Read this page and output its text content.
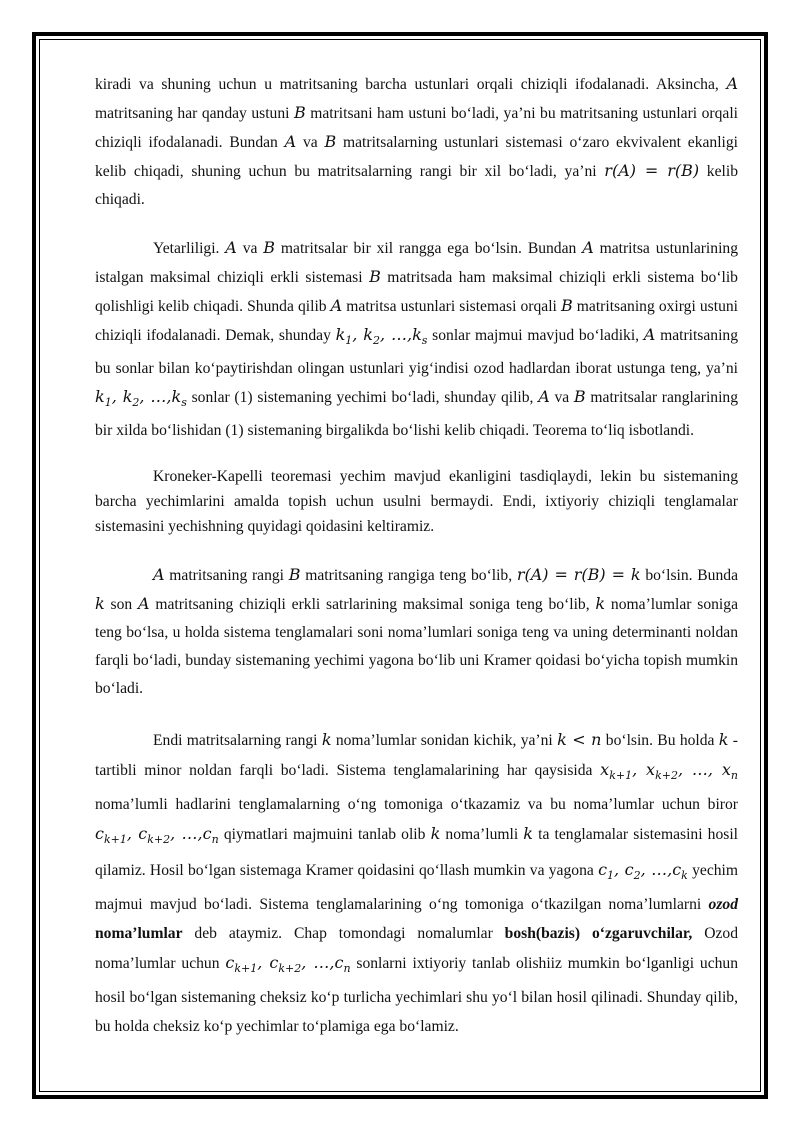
kiradi va shuning uchun u matritsaning barcha ustunlari orqali chiziqli ifodalanadi. Aksincha, A matritsaning har qanday ustuni B matritsani ham ustuni bo‘ladi, ya’ni bu matritsaning ustunlari orqali chiziqli ifodalanadi. Bundan A va B matritsalarning ustunlari sistemasi o‘zaro ekvivalent ekanligi kelib chiqadi, shuning uchun bu matritsalarning rangi bir xil bo‘ladi, ya’ni r(A) = r(B) kelib chiqadi.

Yetarliligi. A va B matritsalar bir xil rangga ega bo‘lsin. Bundan A matritsa ustunlarining istalgan maksimal chiziqli erkli sistemasi B matritsada ham maksimal chiziqli erkli sistema bo‘lib qolishligi kelib chiqadi. Shunda qilib A matritsa ustunlari sistemasi orqali B matritsaning oxirgi ustuni chiziqli ifodalanadi. Demak, shunday $k_1$, $k_2$, $\dots,k_s$ sonlar majmui mavjud bo‘ladiki, A matritsaning bu sonlar bilan ko‘paytirishdan olingan ustunlari yig‘indisi ozod hadlardan iborat ustunga teng, ya’ni $k_1$, $k_2$, $\dots,k_s$ sonlar (1) sistemaning yechimi bo‘ladi, shunday qilib, A va B matritsalar ranglarining bir xilda bo‘lishidan (1) sistemaning birgalikda bo‘lishi kelib chiqadi. Teorema to‘liq isbotlandi.

Kroneker-Kapelli teoremasi yechim mavjud ekanligini tasdiqlaydi, lekin bu sistemaning barcha yechimlarini amalda topish uchun usulni bermaydi. Endi, ixtiyoriy chiziqli tenglamalar sistemasini yechishning quyidagi qoidasini keltiramiz.

A matritsaning rangi B matritsaning rangiga teng bo‘lib, r(A) = r(B) = k bo‘lsin. Bunda k son A matritsaning chiziqli erkli satrlarining maksimal soniga teng bo‘lib, k noma’lumlar soniga teng bo‘lsa, u holda sistema tenglamalari soni noma’lumlari soniga teng va uning determinanti noldan farqli bo‘ladi, bunday sistemaning yechimi yagona bo‘lib uni Kramer qoidasi bo‘yicha topish mumkin bo‘ladi.

Endi matritsalarning rangi k noma’lumlar sonidan kichik, ya’ni k < n bo‘lsin. Bu holda k - tartibli minor noldan farqli bo‘ladi. Sistema tenglamalarining har qaysisida $x_{k+1}$, $x_{k+2}$, …, $x_n$ noma’lumli hadlarini tenglamalarning o‘ng tomoniga o‘tkazamiz va bu noma’lumlar uchun biror $c_{k+1}$, $c_{k+2}$, $\dots,c_n$ qiymatlari majmuini tanlab olib k noma’lumli k ta tenglamalar sistemasini hosil qilamiz. Hosil bo‘lgan sistemaga Kramer qoidasini qo‘llash mumkin va yagona $c_1$, $c_2$, $\dots,c_k$ yechim majmui mavjud bo‘ladi. Sistema tenglamalarining o‘ng tomoniga o‘tkazilgan noma’lumlarni ozod noma’lumlar deb ataymiz. Chap tomondagi nomalumlar bosh(bazis) o‘zgaruvchilar, Ozod noma’lumlar uchun $c_{k+1}$, $c_{k+2}$, $\dots,c_n$ sonlarni ixtiyoriy tanlab olishiiz mumkin bo‘lganligi uchun hosil bo‘lgan sistemaning cheksiz ko‘p turlicha yechimlari shu yo‘l bilan hosil qilinadi. Shunday qilib, bu holda cheksiz ko‘p yechimlar to‘plamiga ega bo‘lamiz.
